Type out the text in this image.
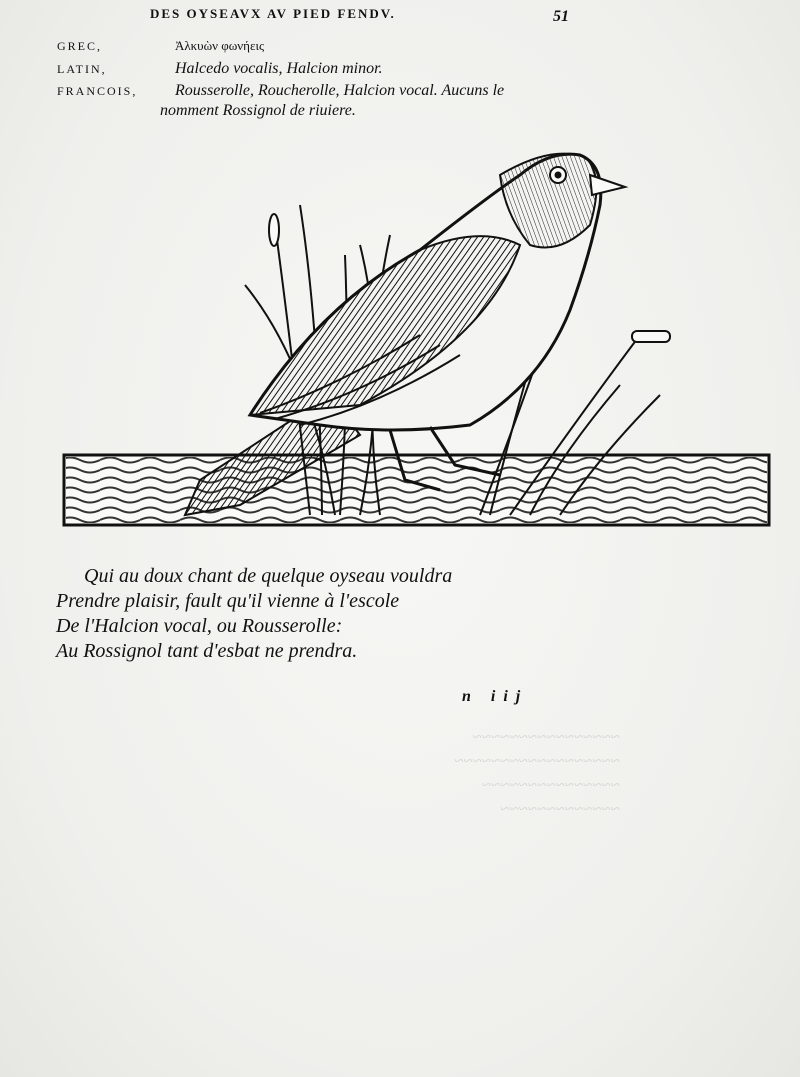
DES OYSEAVX AV PIED FENDV.	51
GREC,	Ἀλκυὼν φωνήεις
LATIN,	Halcedo vocalis, Halcion minor.
FRANCOIS,	Rousserolle, Roucherolle, Halcion vocal. Aucuns le
nomment Rossignol de riuiere.
Qui au doux chant de quelque oyseau vouldra
Prendre plaisir, fault qu'il vienne à l'escole
De l'Halcion vocal, ou Rousserolle:
Au Rossignol tant d'esbat ne prendra.
n iij
~~~~~~~~~~~~~~~~
~~~~~~~~~~~~~~~~~~
~~~~~~~~~~~~~~~
~~~~~~~~~~~~~
